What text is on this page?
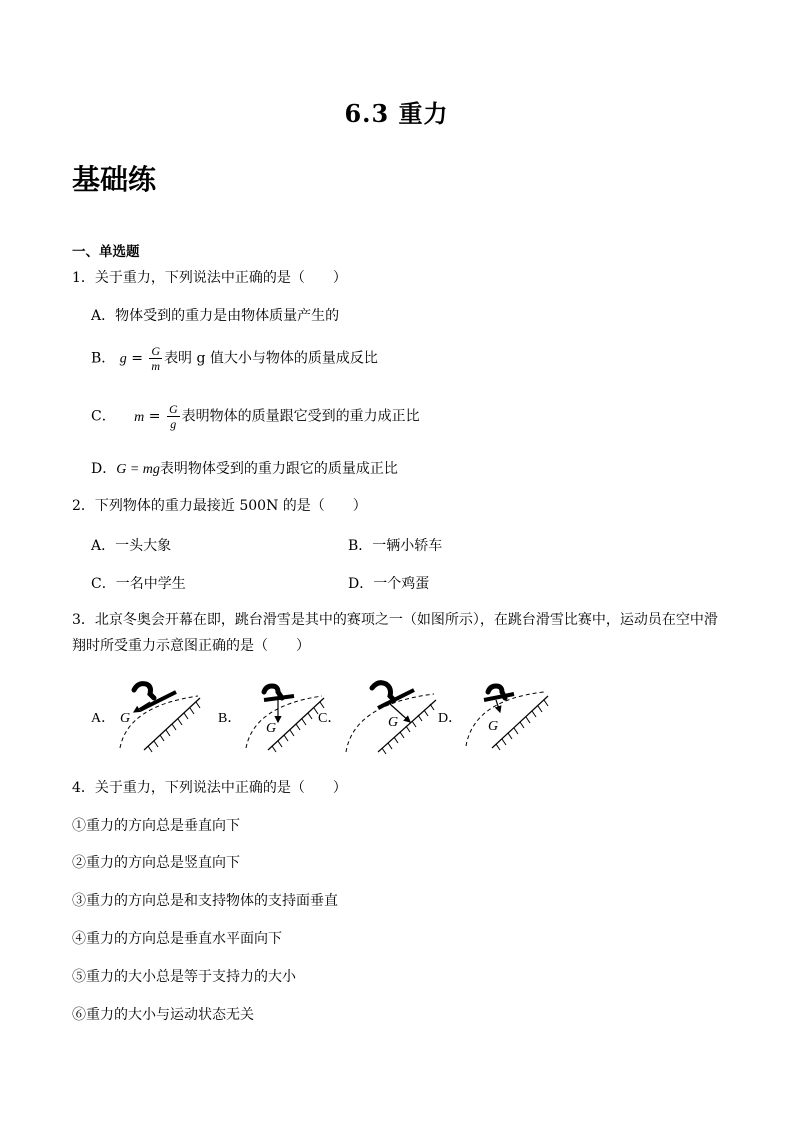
6.3 重力
基础练
一、单选题
1．关于重力，下列说法中正确的是（　　）
A．物体受到的重力是由物体质量产生的
B． $g = \frac{G}{m}$ 表明 g 值大小与物体的质量成反比
C． $m = \frac{G}{g}$ 表明物体的质量跟它受到的重力成正比
D．G = mg表明物体受到的重力跟它的质量成正比
2．下列物体的重力最接近 500N 的是（　　）
A．一头大象	B．一辆小轿车
C．一名中学生	D．一个鸡蛋
3．北京冬奥会开幕在即，跳台滑雪是其中的赛项之一（如图所示），在跳台滑雪比赛中，运动员在空中滑
翔时所受重力示意图正确的是（　　）
A． G	B．
G
C．	G	D．
G
4．关于重力，下列说法中正确的是（　　）
①重力的方向总是垂直向下
②重力的方向总是竖直向下
③重力的方向总是和支持物体的支持面垂直
④重力的方向总是垂直水平面向下
⑤重力的大小总是等于支持力的大小
⑥重力的大小与运动状态无关
